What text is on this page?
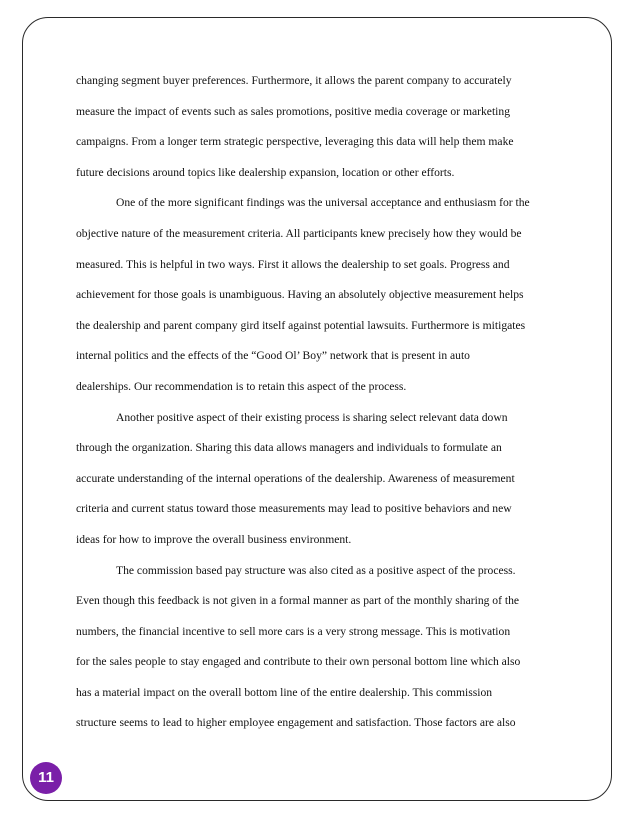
changing segment buyer preferences. Furthermore, it allows the parent company to accurately
measure the impact of events such as sales promotions, positive media coverage or marketing
campaigns. From a longer term strategic perspective, leveraging this data will help them make
future decisions around topics like dealership expansion, location or other efforts.
One of the more significant findings was the universal acceptance and enthusiasm for the
objective nature of the measurement criteria. All participants knew precisely how they would be
measured. This is helpful in two ways. First it allows the dealership to set goals. Progress and
achievement for those goals is unambiguous. Having an absolutely objective measurement helps
the dealership and parent company gird itself against potential lawsuits. Furthermore is mitigates
internal politics and the effects of the “Good Ol’ Boy” network that is present in auto
dealerships. Our recommendation is to retain this aspect of the process.
Another positive aspect of their existing process is sharing select relevant data down
through the organization. Sharing this data allows managers and individuals to formulate an
accurate understanding of the internal operations of the dealership. Awareness of measurement
criteria and current status toward those measurements may lead to positive behaviors and new
ideas for how to improve the overall business environment.
The commission based pay structure was also cited as a positive aspect of the process.
Even though this feedback is not given in a formal manner as part of the monthly sharing of the
numbers, the financial incentive to sell more cars is a very strong message. This is motivation
for the sales people to stay engaged and contribute to their own personal bottom line which also
has a material impact on the overall bottom line of the entire dealership. This commission
structure seems to lead to higher employee engagement and satisfaction. Those factors are also
11
